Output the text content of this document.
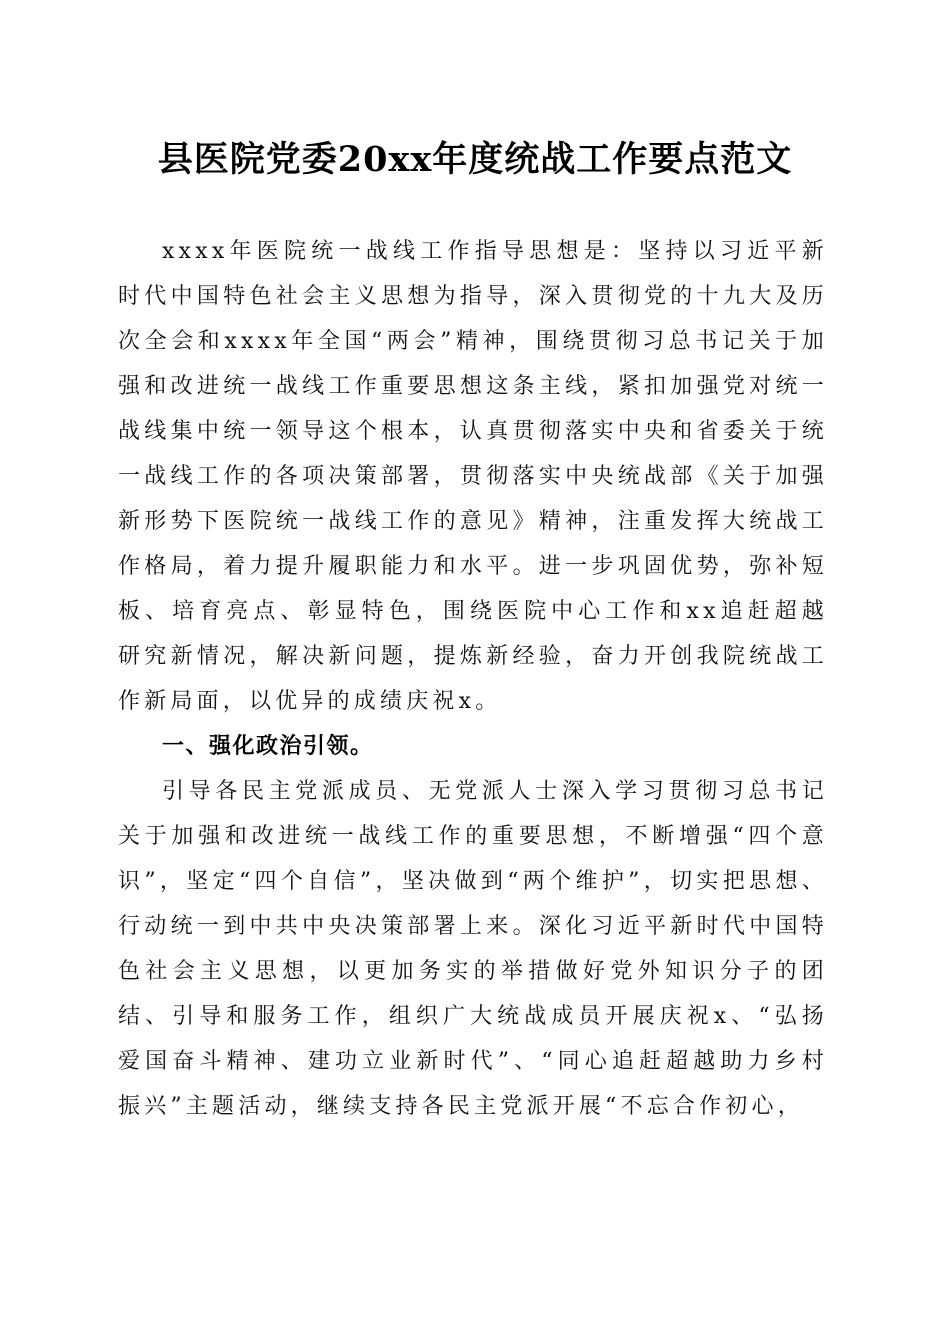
县医院党委20xx年度统战工作要点范文

xxxx年医院统一战线工作指导思想是：坚持以习近平新时代中国特色社会主义思想为指导，深入贯彻党的十九大及历次全会和xxxx年全国“两会”精神，围绕贯彻习总书记关于加强和改进统一战线工作重要思想这条主线，紧扣加强党对统一战线集中统一领导这个根本，认真贯彻落实中央和省委关于统一战线工作的各项决策部署，贯彻落实中央统战部《关于加强新形势下医院统一战线工作的意见》精神，注重发挥大统战工作格局，着力提升履职能力和水平。进一步巩固优势，弥补短板、培育亮点、彰显特色，围绕医院中心工作和xx追赶超越研究新情况，解决新问题，提炼新经验，奋力开创我院统战工作新局面，以优异的成绩庆祝x。

一、强化政治引领。

引导各民主党派成员、无党派人士深入学习贯彻习总书记关于加强和改进统一战线工作的重要思想，不断增强“四个意识”，坚定“四个自信”，坚决做到“两个维护”，切实把思想、行动统一到中共中央决策部署上来。深化习近平新时代中国特色社会主义思想，以更加务实的举措做好党外知识分子的团结、引导和服务工作，组织广大统战成员开展庆祝x、“弘扬爱国奋斗精神、建功立业新时代”、“同心追赶超越助力乡村振兴”主题活动，继续支持各民主党派开展“不忘合作初心，
